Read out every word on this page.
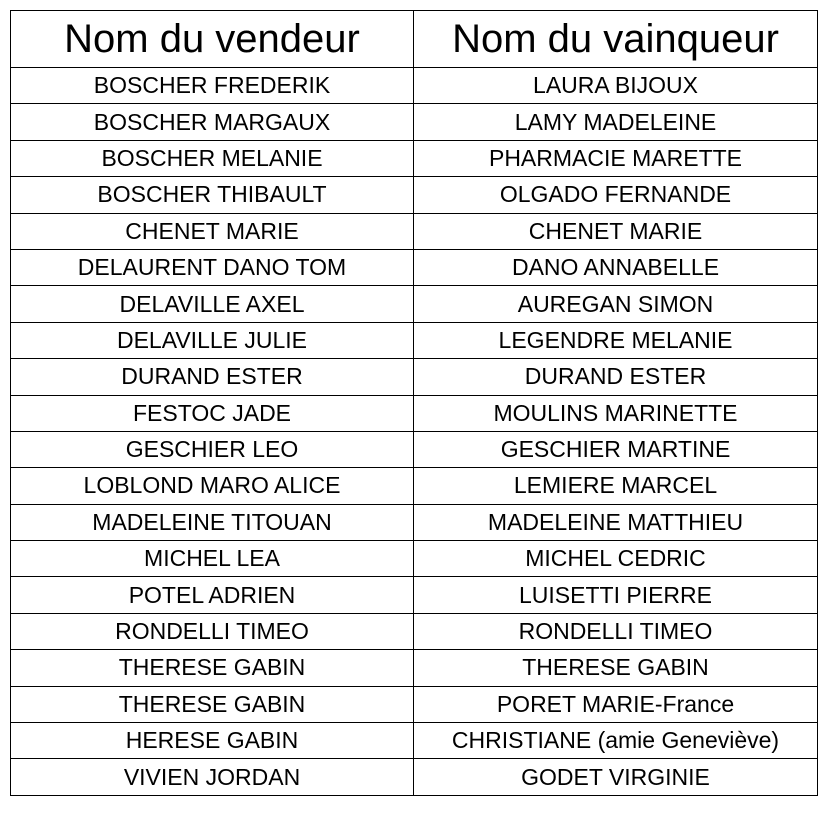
Nom du vendeur	Nom du vainqueur
BOSCHER FREDERIK	LAURA BIJOUX
BOSCHER MARGAUX	LAMY MADELEINE
BOSCHER MELANIE	PHARMACIE MARETTE
BOSCHER THIBAULT	OLGADO FERNANDE
CHENET MARIE	CHENET MARIE
DELAURENT DANO TOM	DANO ANNABELLE
DELAVILLE AXEL	AUREGAN SIMON
DELAVILLE JULIE	LEGENDRE MELANIE
DURAND ESTER	DURAND ESTER
FESTOC JADE	MOULINS MARINETTE
GESCHIER LEO	GESCHIER MARTINE
LOBLOND MARO ALICE	LEMIERE MARCEL
MADELEINE TITOUAN	MADELEINE MATTHIEU
MICHEL LEA	MICHEL CEDRIC
POTEL ADRIEN	LUISETTI PIERRE
RONDELLI TIMEO	RONDELLI TIMEO
THERESE GABIN	THERESE GABIN
THERESE GABIN	PORET MARIE-France
HERESE GABIN	CHRISTIANE (amie Geneviève)
VIVIEN JORDAN	GODET VIRGINIE
